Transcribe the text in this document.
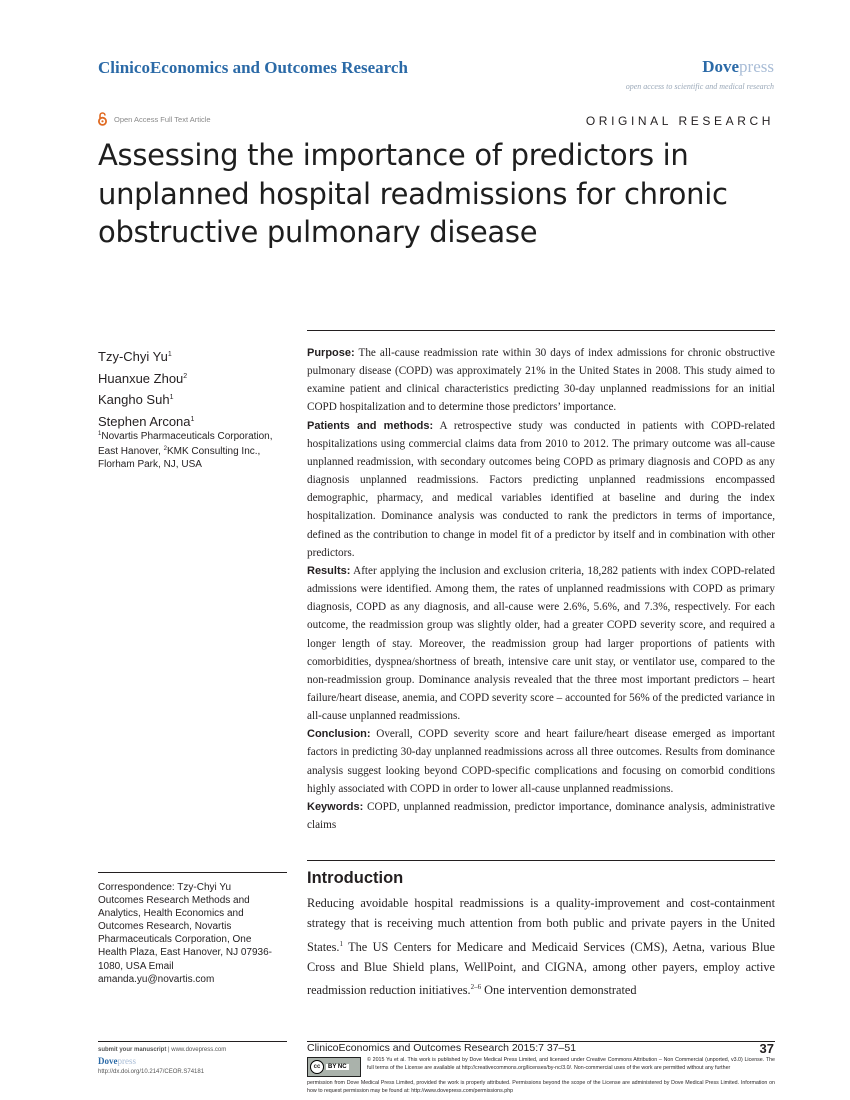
ClinicoEconomics and Outcomes Research	Dovepress
open access to scientific and medical research
Open Access Full Text Article	ORIGINAL RESEARCH
Assessing the importance of predictors in unplanned hospital readmissions for chronic obstructive pulmonary disease
Tzy-Chyi Yu$^1$
Huanxue Zhou$^2$
Kangho Suh$^1$
Stephen Arcona$^1$
$^1$Novartis Pharmaceuticals Corporation, East Hanover, $^2$KMK Consulting Inc., Florham Park, NJ, USA

Purpose: The all-cause readmission rate within 30 days of index admissions for chronic obstructive pulmonary disease (COPD) was approximately 21% in the United States in 2008. This study aimed to examine patient and clinical characteristics predicting 30-day unplanned readmissions for an initial COPD hospitalization and to determine those predictors’ importance.

Patients and methods: A retrospective study was conducted in patients with COPD-related hospitalizations using commercial claims data from 2010 to 2012. The primary outcome was all-cause unplanned readmission, with secondary outcomes being COPD as primary diagnosis and COPD as any diagnosis unplanned readmissions. Factors predicting unplanned readmissions encompassed demographic, pharmacy, and medical variables identified at baseline and during the index hospitalization. Dominance analysis was conducted to rank the predictors in terms of importance, defined as the contribution to change in model fit of a predictor by itself and in combination with other predictors.

Results: After applying the inclusion and exclusion criteria, 18,282 patients with index COPD-related admissions were identified. Among them, the rates of unplanned readmissions with COPD as primary diagnosis, COPD as any diagnosis, and all-cause were 2.6%, 5.6%, and 7.3%, respectively. For each outcome, the readmission group was slightly older, had a greater COPD severity score, and required a longer length of stay. Moreover, the readmission group had larger proportions of patients with comorbidities, dyspnea/shortness of breath, intensive care unit stay, or ventilator use, compared to the non-readmission group. Dominance analysis revealed that the three most important predictors – heart failure/heart disease, anemia, and COPD severity score – accounted for 56% of the predicted variance in all-cause unplanned readmissions.

Conclusion: Overall, COPD severity score and heart failure/heart disease emerged as important factors in predicting 30-day unplanned readmissions across all three outcomes. Results from dominance analysis suggest looking beyond COPD-specific complications and focusing on comorbid conditions highly associated with COPD in order to lower all-cause unplanned readmissions.

Keywords: COPD, unplanned readmission, predictor importance, dominance analysis, administrative claims

Correspondence: Tzy-Chyi Yu Outcomes Research Methods and Analytics, Health Economics and Outcomes Research, Novartis Pharmaceuticals Corporation, One Health Plaza, East Hanover, NJ 07936-1080, USA Email amanda.yu@novartis.com
Introduction
Reducing avoidable hospital readmissions is a quality-improvement and cost-containment strategy that is receiving much attention from both public and private payers in the United States.$^1$ The US Centers for Medicare and Medicaid Services (CMS), Aetna, various Blue Cross and Blue Shield plans, WellPoint, and CIGNA, among other payers, employ active readmission reduction initiatives.$^{2-6}$ One intervention demonstrated
submit your manuscript | www.dovepress.com
Dovepress
http://dx.doi.org/10.2147/CEOR.S74181
ClinicoEconomics and Outcomes Research 2015:7 37–51	37
cc	BY NC
© 2015 Yu et al. This work is published by Dove Medical Press Limited, and licensed under Creative Commons Attribution – Non Commercial (unported, v3.0) License. The full terms of the License are available at http://creativecommons.org/licenses/by-nc/3.0/. Non-commercial uses of the work are permitted without any further
permission from Dove Medical Press Limited, provided the work is properly attributed. Permissions beyond the scope of the License are administered by Dove Medical Press Limited. Information on how to request permission may be found at: http://www.dovepress.com/permissions.php
